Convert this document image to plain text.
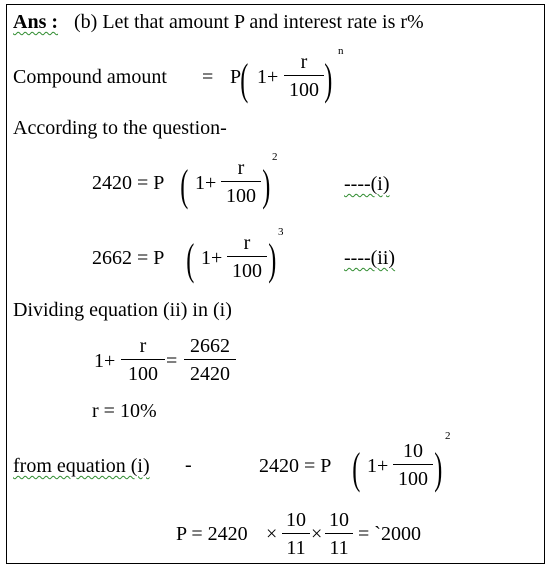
Ans : (b) Let that amount P and interest rate is r%
Compound amount = P ( 1+
r
100 )
n
According to the question-
2420 = P ( 1+
r
100 )
2
----(i)
2662 = P ( 1+
r
100 )
3
----(ii)
Dividing equation (ii) in (i)
1+
r
100
=
2662
2420
r = 10%
from equation (i) -	2420 = P ( 1+
10
100 )
2
P = 2420 ×
10
11
×
10
11
= `2000
